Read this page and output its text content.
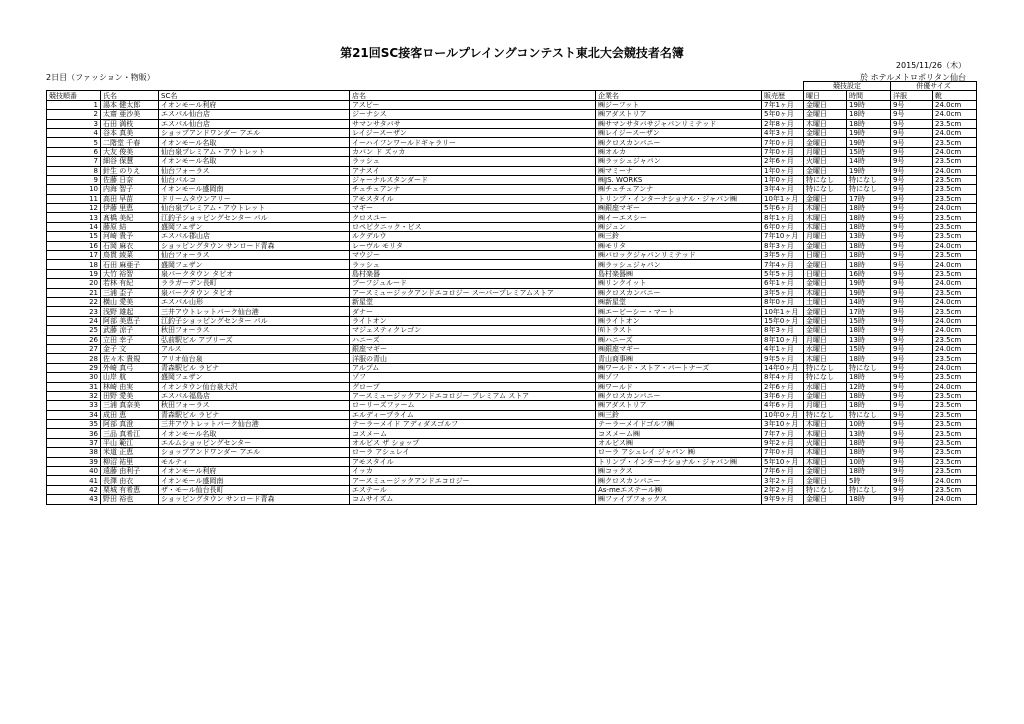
第21回SC接客ロールプレイングコンテスト東北大会競技者名簿
2015/11/26（木）
2日目（ファッション・物販）	於 ホテルメトロポリタン仙台
						競技設定		併優サイズ	
競技順番	氏名	SC名	店名	企業名	販売歴	曜日	時間	洋服	靴
1	湯本 健太郎	イオンモール利府	アスビー	㈱ジーフット	7年1ヶ月	金曜日	19時	9号	24.0cm
2	太齋 亜沙美	エスパル仙台店	ジーナシス	㈱アダストリア	5年0ヶ月	金曜日	18時	9号	24.0cm
3	石田 満枝	エスパル仙台店	サマンサタバサ	㈱サマンサタバサジャパンリミテッド	2年8ヶ月	木曜日	18時	9号	23.5cm
4	谷本 真美	ショップアンドワンダー アエル	レイジースーザン	㈱レイジースーザン	4年3ヶ月	金曜日	19時	9号	24.0cm
5	二階堂 千春	イオンモール名取	イーハイフンワールドギャラリー	㈱クロスカンパニー	7年0ヶ月	金曜日	19時	9号	23.5cm
6	大友 俊美	仙台泉プレミアム・アウトレット	カバン ド ズッカ	㈱オルカ	7年0ヶ月	月曜日	15時	9号	24.0cm
7	細谷 保慧	イオンモール名取	ラッシュ	㈱ラッシュジャパン	2年6ヶ月	火曜日	14時	9号	23.5cm
8	針生 のりえ	仙台フォーラス	アナスイ	㈱マミーナ	1年0ヶ月	金曜日	19時	9号	24.0cm
9	佐藤 日奈	仙台パルコ	ジャーナルスタンダード	㈱JS. WORKS	1年0ヶ月	特になし	特になし	9号	23.5cm
10	内海 智子	イオンモール盛岡南	チュチュアンナ	㈱チュチュアンナ	3年4ヶ月	特になし	特になし	9号	23.5cm
11	高田 早苗	ドリームタウンアリー	アモスタイル	トリンプ・インターナショナル・ジャパン㈱	10年1ヶ月	金曜日	17時	9号	23.5cm
12	伊藤 里恵	仙台泉プレミアム・アウトレット	マギー	㈱銀座マギー	5年6ヶ月	木曜日	18時	9号	24.0cm
13	髙橋 美紀	江釣子ショッピングセンター パル	クロスユー	㈱イーエスシー	8年1ヶ月	木曜日	18時	9号	23.5cm
14	藤原 結	盛岡フェザン	ロペピクニック・ビス	㈱ジュン	6年0ヶ月	木曜日	18時	9号	23.5cm
15	河崎 貴予	エスパル郡山店	ルクデルウ	㈱三鈴	7年10ヶ月	月曜日	13時	9号	23.5cm
16	石岡 麻衣	ショッピングタウン サンロード青森	レーヴル モリタ	㈱モリタ	8年3ヶ月	金曜日	18時	9号	24.0cm
17	鳥貫 綾菜	仙台フォーラス	マウジー	㈱バロックジャパンリミテッド	3年5ヶ月	日曜日	18時	9号	23.5cm
18	石田 麻亜子	盛岡フェザン	ラッシュ	㈱ラッシュジャパン	7年4ヶ月	金曜日	18時	9号	24.0cm
19	大竹 裕智	泉パークタウン タピオ	島村楽器	島村楽器㈱	5年5ヶ月	日曜日	16時	9号	23.5cm
20	若林 有紀	ララガーデン長町	ブーフジュルード	㈱リンクイット	6年1ヶ月	金曜日	19時	9号	24.0cm
21	三浦 歪子	泉パークタウン タピオ	アースミュージックアンドエコロジー スーパープレミアムストア	㈱クロスカンパニー	3年5ヶ月	木曜日	19時	9号	23.5cm
22	横山 愛美	エスパル山形	新星堂	㈱新星堂	8年0ヶ月	土曜日	14時	9号	24.0cm
23	浅野 雄起	三井アウトレットパーク仙台港	ダナー	㈱エービーシー・マート	10年1ヶ月	金曜日	17時	9号	23.5cm
24	阿部 美恵子	江釣子ショッピングセンター パル	ライトオン	㈱ライトオン	15年0ヶ月	金曜日	15時	9号	24.0cm
25	武藤 涼子	秋田フォーラス	マジェスティクレゴン	㈲トラスト	8年3ヶ月	金曜日	18時	9号	24.0cm
26	立田 幸子	弘前駅ビル アプリーズ	ハニーズ	㈱ハニーズ	8年10ヶ月	月曜日	13時	9号	23.5cm
27	金子 文	アルス	銀座マギー	㈱銀座マギー	4年1ヶ月	水曜日	15時	9号	24.0cm
28	佐々木 貴規	アリオ仙台泉	洋服の青山	青山商事㈱	9年5ヶ月	木曜日	18時	9号	23.5cm
29	外崎 真弓	青森駅ビル ラビナ	アルプム	㈱ワールド・ストア・パートナーズ	14年0ヶ月	特になし	特になし	9号	24.0cm
30	山岸 航	盛岡フェザン	ゾフ	㈱ゾフ	8年4ヶ月	特になし	18時	9号	23.5cm
31	林崎 由実	イオンタウン仙台泉大沢	グローブ	㈱ワールド	2年6ヶ月	水曜日	12時	9号	24.0cm
32	田野 愛美	エスパル福島店	アースミュージックアンドエコロジー プレミアム ストア	㈱クロスカンパニー	3年6ヶ月	金曜日	18時	9号	23.5cm
33	三浦 真奈美	秋田フォーラス	ローリーズファーム	㈱アダストリア	4年6ヶ月	月曜日	18時	9号	23.5cm
34	成田 恵	青森駅ビル ラビナ	エルディープライム	㈱三鈴	10年0ヶ月	特になし	特になし	9号	23.5cm
35	阿部 真澄	三井アウトレットパーク仙台港	テーラーメイド アディダスゴルフ	テーラーメイドゴルフ㈱	3年10ヶ月	木曜日	10時	9号	23.5cm
36	三品 真希江	イオンモール名取	コスメーム	コスメーム㈱	7年7ヶ月	木曜日	13時	9号	23.5cm
37	平山 範江	エルムショッピングセンター	オルビス ザ ショップ	オルビス㈱	9年2ヶ月	火曜日	18時	9号	23.5cm
38	米道 正恵	ショップアンドワンダー アエル	ローラ アシュレイ	ローラ アシュレイ ジャパン ㈱	7年0ヶ月	木曜日	18時	9号	23.5cm
39	柳沼 祐里	モルティ	アモスタイル	トリンプ・インターナショナル・ジャパン㈱	5年10ヶ月	木曜日	10時	9号	23.5cm
40	遠藤 由利子	イオンモール利府	イッカ	㈱コックス	7年6ヶ月	金曜日	18時	9号	23.5cm
41	長澤 由衣	イオンモール盛岡南	アースミュージックアンドエコロジー	㈱クロスカンパニー	3年2ヶ月	金曜日	5時	9号	24.0cm
42	栗城 有希恵	ザ・モール仙台長町	エステール	As-meエステール㈱	2年2ヶ月	特になし	特になし	9号	23.5cm
43	野田 裕也	ショッピングタウン サンロード青森	コムサイズム	㈱ファイブフォックス	9年9ヶ月	金曜日	18時	9号	24.0cm
